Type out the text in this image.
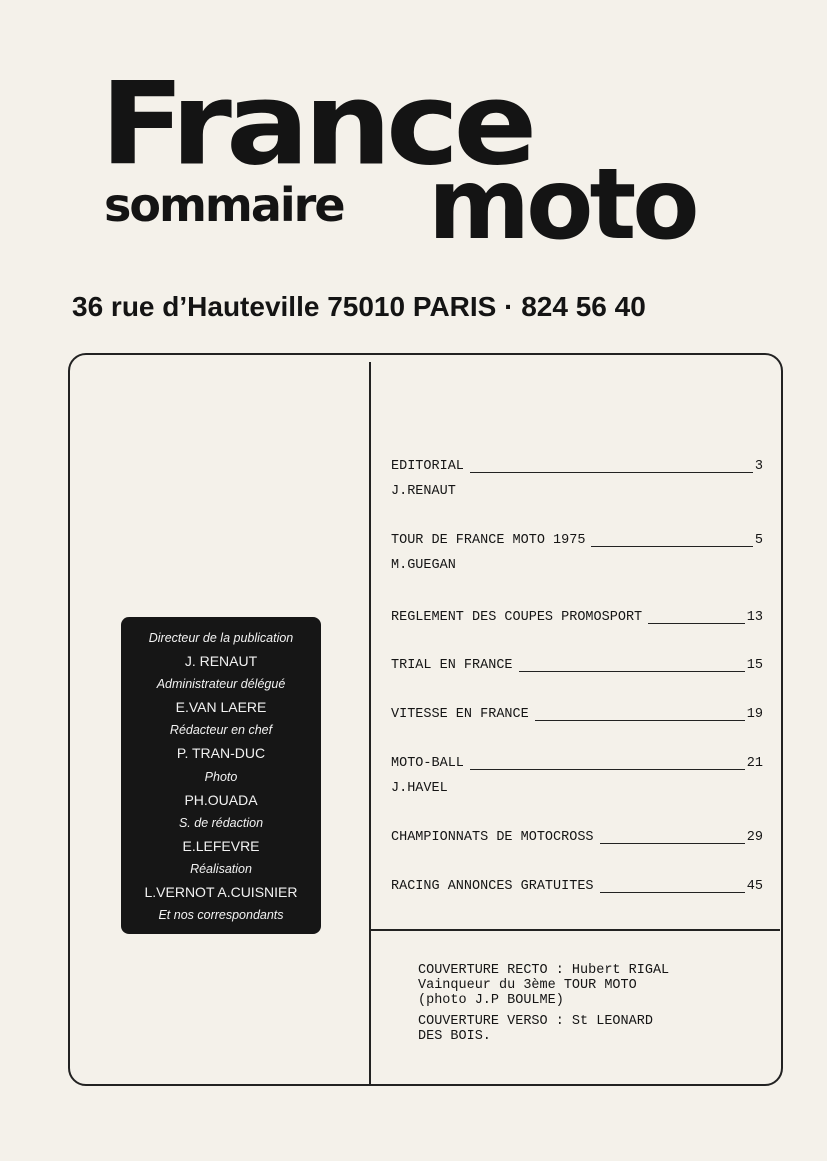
France
sommaire moto
36 rue d’Hauteville 75010 PARIS · 824 56 40
Directeur de la publication
J. RENAUT
Administrateur délégué
E.VAN LAERE
Rédacteur en chef
P. TRAN-DUC
Photo
PH.OUADA
S. de rédaction
E.LEFEVRE
Réalisation
L.VERNOT A.CUISNIER
Et nos correspondants
EDITORIAL	3
J.RENAUT
TOUR DE FRANCE MOTO 1975	5
M.GUEGAN
REGLEMENT DES COUPES PROMOSPORT	13
TRIAL EN FRANCE	15
VITESSE EN FRANCE	19
MOTO-BALL	21
J.HAVEL
CHAMPIONNATS DE MOTOCROSS	29
RACING ANNONCES GRATUITES	45
COUVERTURE RECTO : Hubert RIGAL
Vainqueur du 3ème TOUR MOTO
(photo J.P BOULME)
COUVERTURE VERSO : St LEONARD
DES BOIS.
